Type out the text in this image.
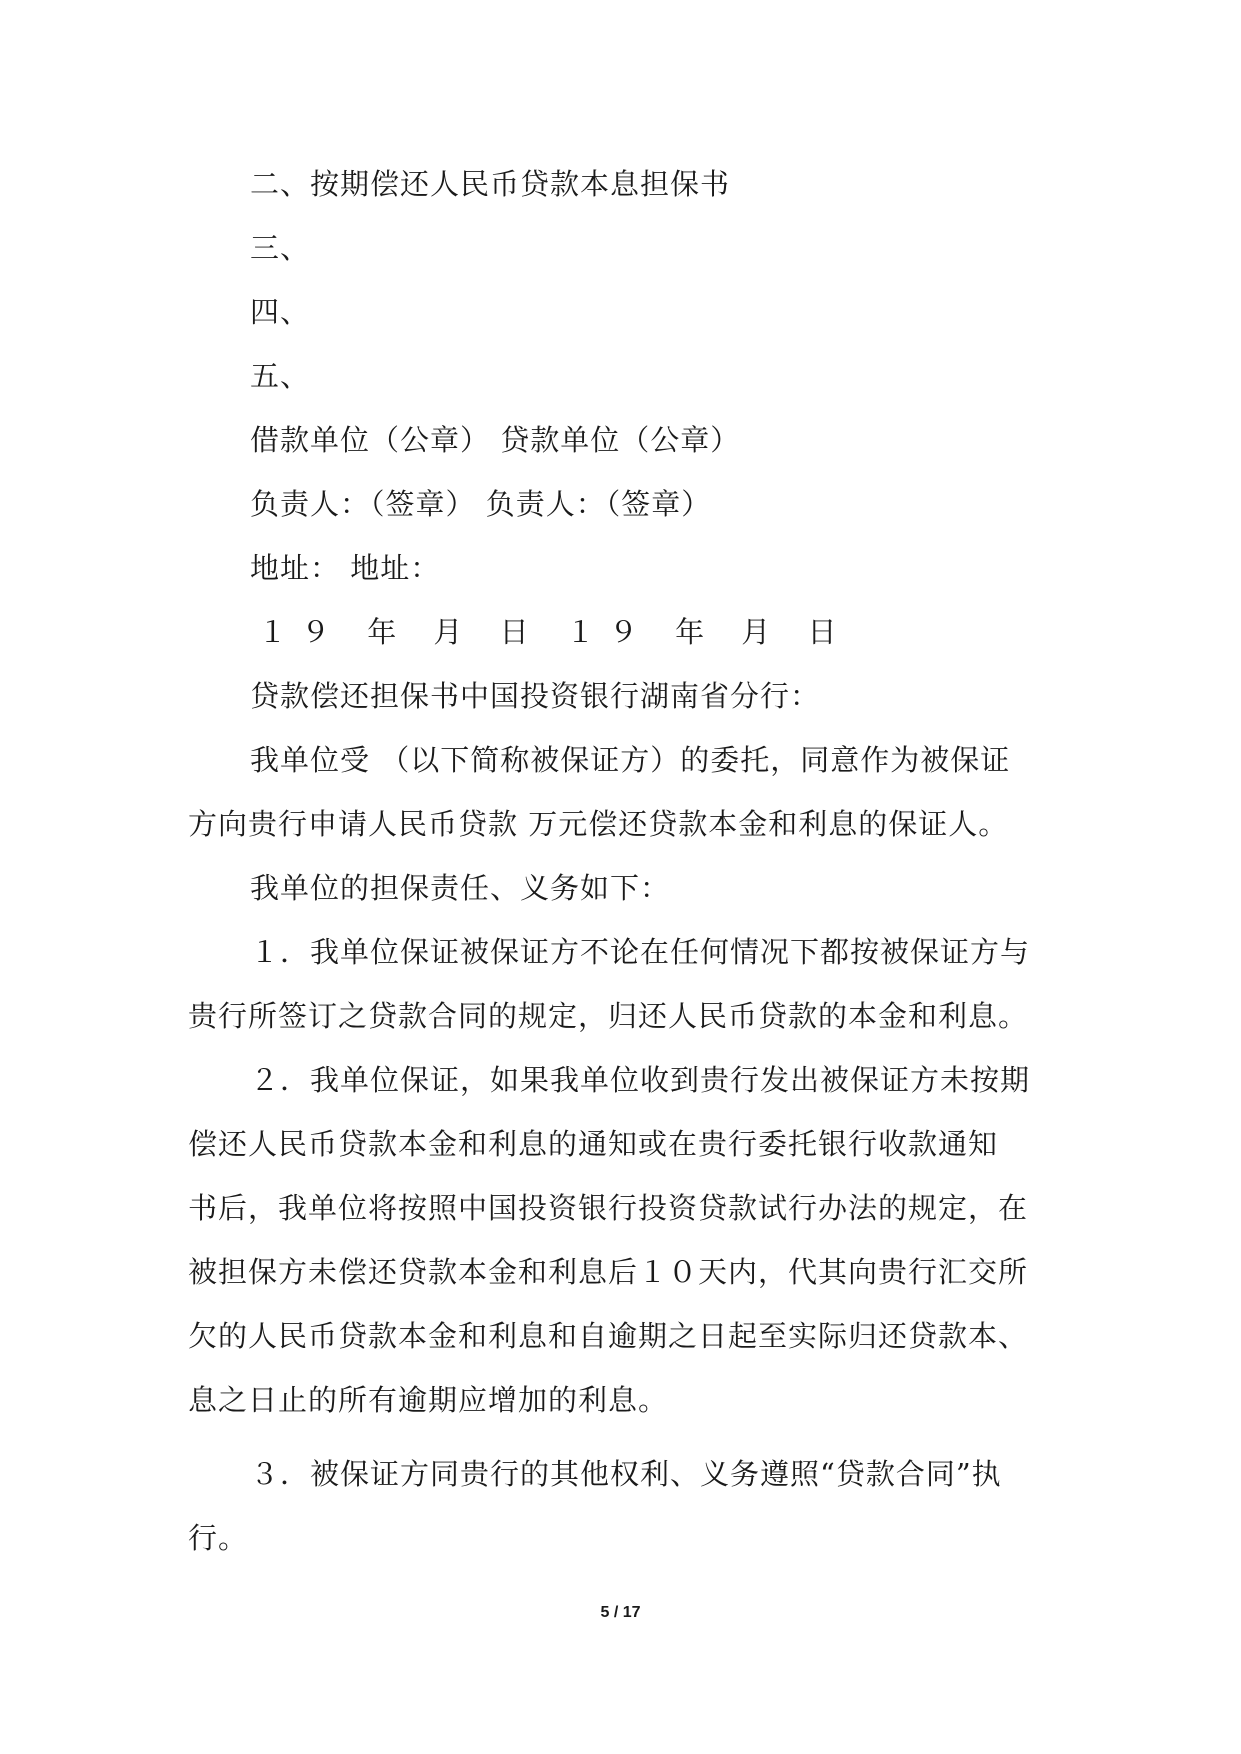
二、按期偿还人民币贷款本息担保书
三、
四、
五、
借款单位（公章） 贷款单位（公章）
负责人：（签章） 负责人：（签章）
地址： 地址：
１９ 年 月 日 １９ 年 月 日
贷款偿还担保书中国投资银行湖南省分行：
我单位受 （以下简称被保证方）的委托，同意作为被保证
方向贵行申请人民币贷款 万元偿还贷款本金和利息的保证人。
我单位的担保责任、义务如下：
１．我单位保证被保证方不论在任何情况下都按被保证方与
贵行所签订之贷款合同的规定，归还人民币贷款的本金和利息。
２．我单位保证，如果我单位收到贵行发出被保证方未按期
偿还人民币贷款本金和利息的通知或在贵行委托银行收款通知
书后，我单位将按照中国投资银行投资贷款试行办法的规定，在
被担保方未偿还贷款本金和利息后１０天内，代其向贵行汇交所
欠的人民币贷款本金和利息和自逾期之日起至实际归还贷款本、
息之日止的所有逾期应增加的利息。
３．被保证方同贵行的其他权利、义务遵照“贷款合同”执
行。
5 / 17
